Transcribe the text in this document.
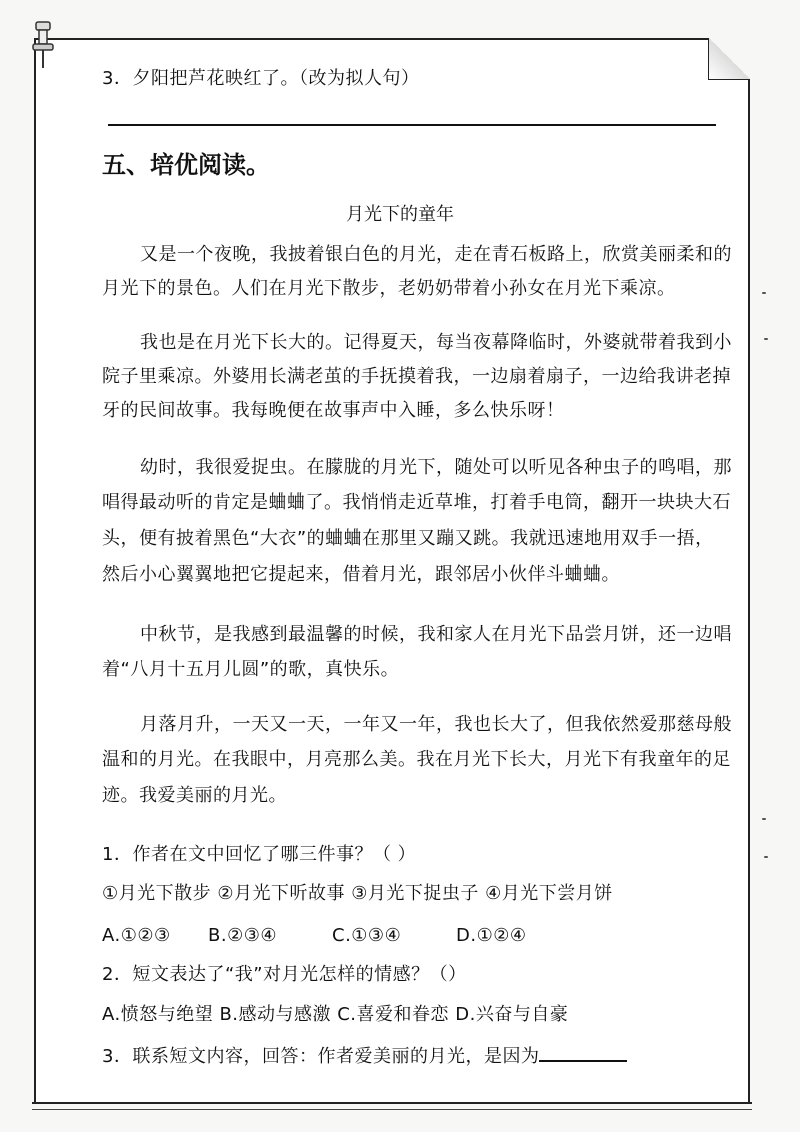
3．夕阳把芦花映红了。（改为拟人句）
五、培优阅读。
月光下的童年
又是一个夜晚，我披着银白色的月光，走在青石板路上，欣赏美丽柔和的
月光下的景色。人们在月光下散步，老奶奶带着小孙女在月光下乘凉。
我也是在月光下长大的。记得夏天，每当夜幕降临时，外婆就带着我到小
院子里乘凉。外婆用长满老茧的手抚摸着我，一边扇着扇子，一边给我讲老掉
牙的民间故事。我每晚便在故事声中入睡，多么快乐呀！
幼时，我很爱捉虫。在朦胧的月光下，随处可以听见各种虫子的鸣唱，那
唱得最动听的肯定是蛐蛐了。我悄悄走近草堆，打着手电筒，翻开一块块大石
头，便有披着黑色“大衣”的蛐蛐在那里又蹦又跳。我就迅速地用双手一捂，
然后小心翼翼地把它提起来，借着月光，跟邻居小伙伴斗蛐蛐。
中秋节，是我感到最温馨的时候，我和家人在月光下品尝月饼，还一边唱
着“八月十五月儿圆”的歌，真快乐。
月落月升，一天又一天，一年又一年，我也长大了，但我依然爱那慈母般
温和的月光。在我眼中，月亮那么美。我在月光下长大，月光下有我童年的足
迹。我爱美丽的月光。
1．作者在文中回忆了哪三件事？（ ）
①月光下散步 ②月光下听故事 ③月光下捉虫子 ④月光下尝月饼
A.①②③ B.②③④	C.①③④	D.①②④
2．短文表达了“我”对月光怎样的情感？（）
A.愤怒与绝望 B.感动与感激 C.喜爱和眷恋 D.兴奋与自豪
3．联系短文内容，回答：作者爱美丽的月光，是因为
